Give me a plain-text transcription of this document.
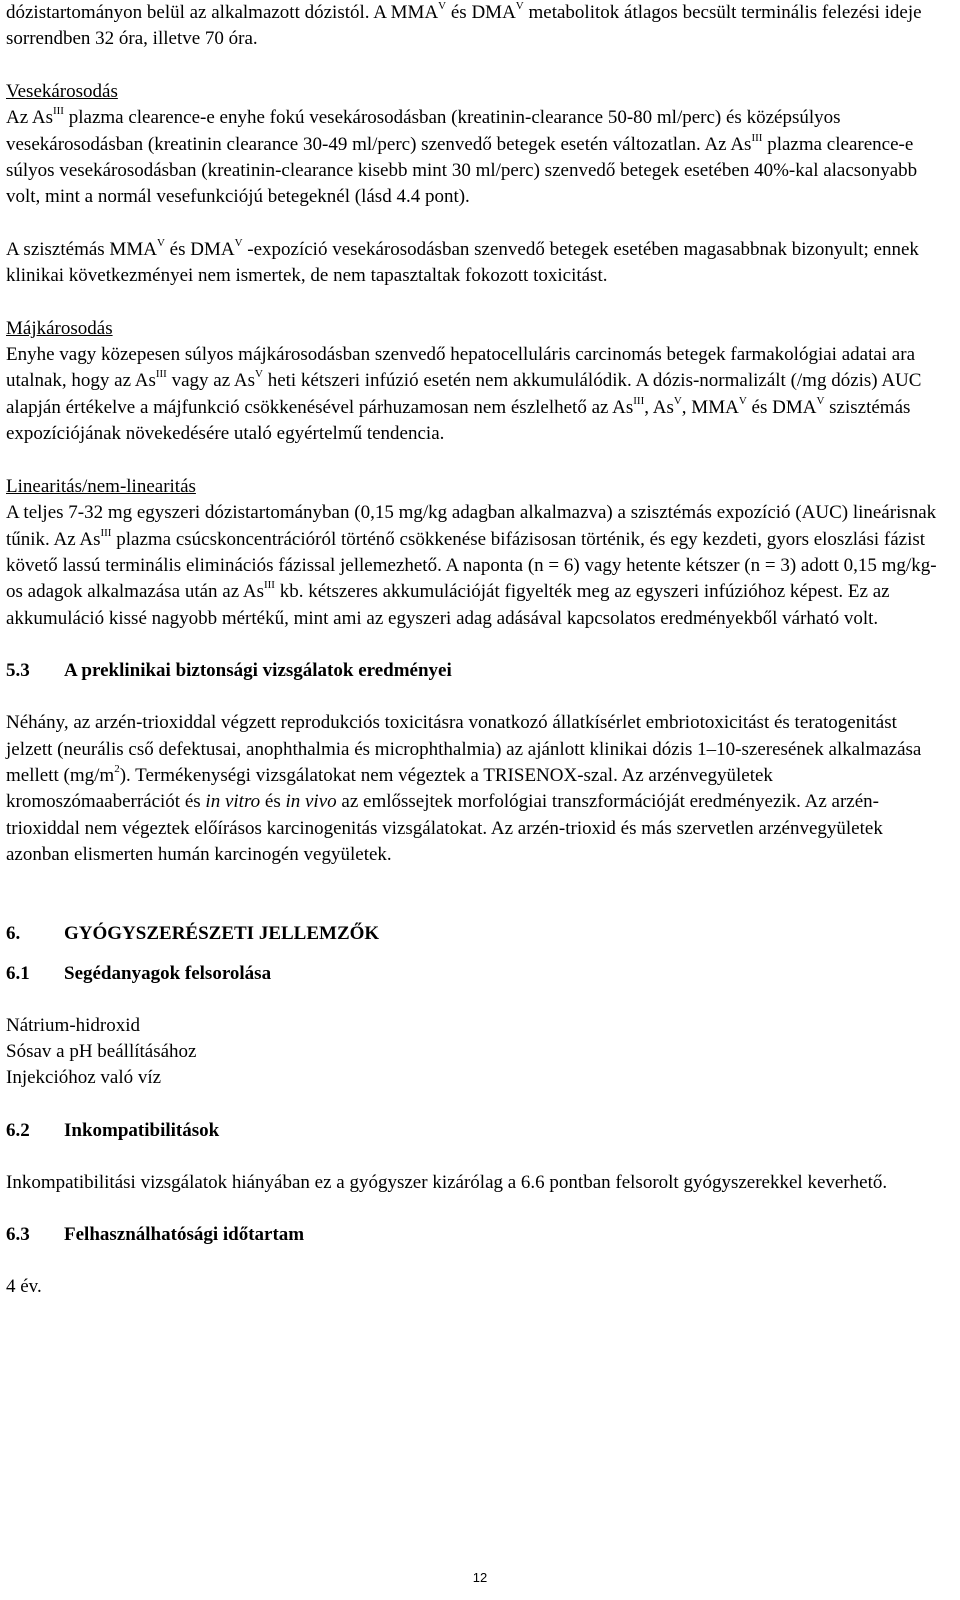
dózistartományon belül az alkalmazott dózistól. A $MMA^V$ és $DMA^V$ metabolitok átlagos becsült terminális felezési ideje sorrendben 32 óra, illetve 70 óra.

Vesekárosodás
Az $As^{III}$ plazma clearence-e enyhe fokú vesekárosodásban (kreatinin-clearance 50-80 ml/perc) és középsúlyos vesekárosodásban (kreatinin clearance 30-49 ml/perc) szenvedő betegek esetén változatlan. Az $As^{III}$ plazma clearence-e súlyos vesekárosodásban (kreatinin-clearance kisebb mint 30 ml/perc) szenvedő betegek esetében 40%-kal alacsonyabb volt, mint a normál vesefunkciójú betegeknél (lásd 4.4 pont).

A szisztémás $MMA^V$ és $DMA^V$ -expozíció vesekárosodásban szenvedő betegek esetében magasabbnak bizonyult; ennek klinikai következményei nem ismertek, de nem tapasztaltak fokozott toxicitást.

Májkárosodás
Enyhe vagy közepesen súlyos májkárosodásban szenvedő hepatocelluláris carcinomás betegek farmakológiai adatai ara utalnak, hogy az $As^{III}$ vagy az $As^V$ heti kétszeri infúzió esetén nem akkumulálódik. A dózis-normalizált (/mg dózis) AUC alapján értékelve a májfunkció csökkenésével párhuzamosan nem észlelhető az $As^{III}$, $As^V$, $MMA^V$ és $DMA^V$ szisztémás expozíciójának növekedésére utaló egyértelmű tendencia.

Linearitás/nem-linearitás
A teljes 7-32 mg egyszeri dózistartományban (0,15 mg/kg adagban alkalmazva) a szisztémás expozíció (AUC) lineárisnak tűnik. Az $As^{III}$ plazma csúcskoncentrációról történő csökkenése bifázisosan történik, és egy kezdeti, gyors eloszlási fázist követő lassú terminális eliminációs fázissal jellemezhető. A naponta (n = 6) vagy hetente kétszer (n = 3) adott 0,15 mg/kg-os adagok alkalmazása után az $As^{III}$ kb. kétszeres akkumulációját figyelték meg az egyszeri infúzióhoz képest. Ez az akkumuláció kissé nagyobb mértékű, mint ami az egyszeri adag adásával kapcsolatos eredményekből várható volt.

5.3	A preklinikai biztonsági vizsgálatok eredményei

Néhány, az arzén-trioxiddal végzett reprodukciós toxicitásra vonatkozó állatkísérlet embriotoxicitást és teratogenitást jelzett (neurális cső defektusai, anophthalmia és microphthalmia) az ajánlott klinikai dózis 1–10-szeresének alkalmazása mellett $(mg/m^2)$. Termékenységi vizsgálatokat nem végeztek a TRISENOX-szal. Az arzénvegyületek kromoszómaaberrációt és in vitro és in vivo az emlőssejtek morfológiai transzformációját eredményezik. Az arzén-trioxiddal nem végeztek előírásos karcinogenitás vizsgálatokat. Az arzén-trioxid és más szervetlen arzénvegyületek azonban elismerten humán karcinogén vegyületek.

6.	GYÓGYSZERÉSZETI JELLEMZŐK
6.1	Segédanyagok felsorolása

Nátrium-hidroxid
Sósav a pH beállításához
Injekcióhoz való víz

6.2	Inkompatibilitások

Inkompatibilitási vizsgálatok hiányában ez a gyógyszer kizárólag a 6.6 pontban felsorolt gyógyszerekkel keverhető.

6.3	Felhasználhatósági időtartam

4 év.

12
